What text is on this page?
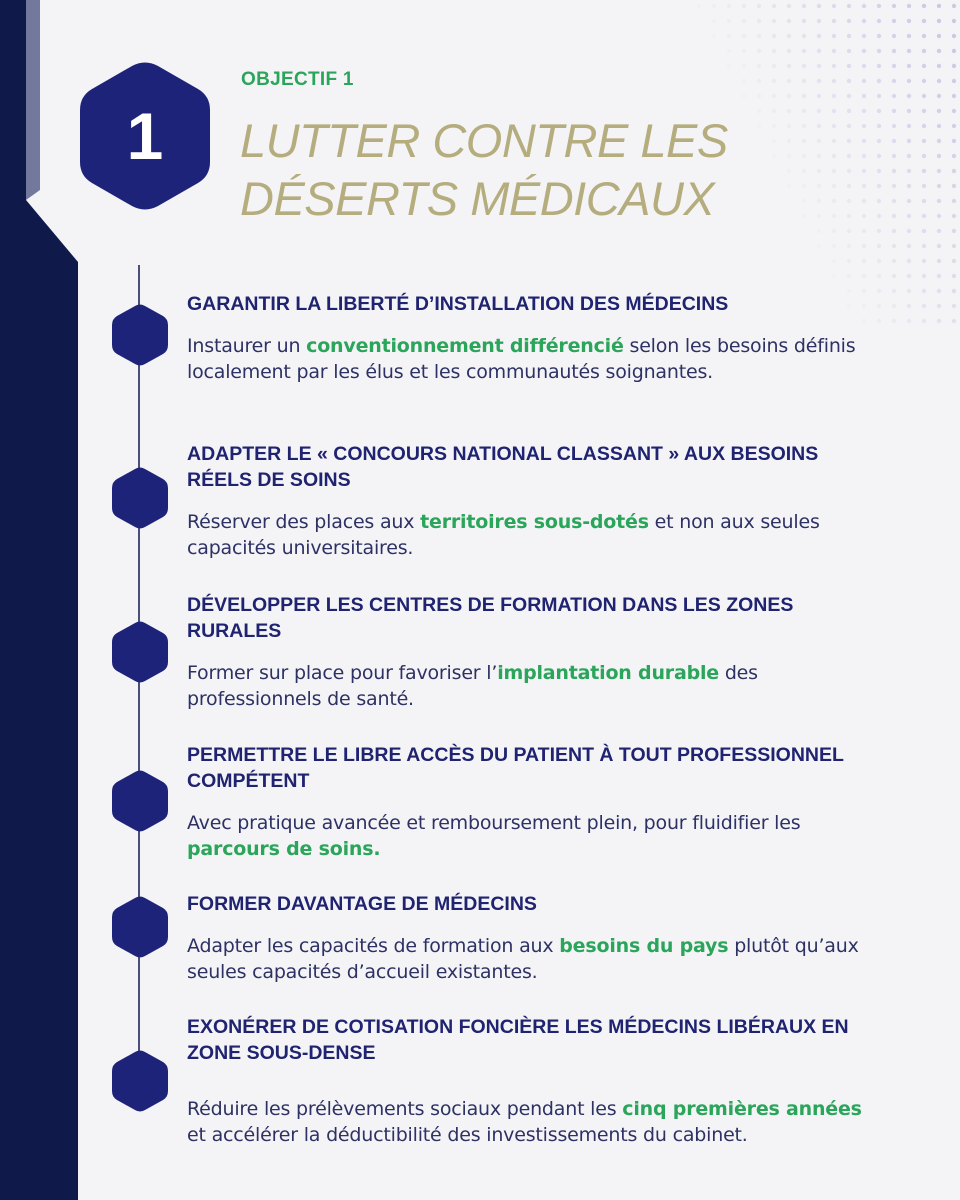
1
OBJECTIF 1
LUTTER CONTRE LES
DÉSERTS MÉDICAUX
GARANTIR LA LIBERTÉ D’INSTALLATION DES MÉDECINS
Instaurer un conventionnement différencié selon les besoins définis localement par les élus et les communautés soignantes.
ADAPTER LE « CONCOURS NATIONAL CLASSANT » AUX BESOINS RÉELS DE SOINS
Réserver des places aux territoires sous-dotés et non aux seules capacités universitaires.
DÉVELOPPER LES CENTRES DE FORMATION DANS LES ZONES RURALES
Former sur place pour favoriser l’implantation durable des professionnels de santé.
PERMETTRE LE LIBRE ACCÈS DU PATIENT À TOUT PROFESSIONNEL COMPÉTENT
Avec pratique avancée et remboursement plein, pour fluidifier les parcours de soins.
FORMER DAVANTAGE DE MÉDECINS
Adapter les capacités de formation aux besoins du pays plutôt qu’aux seules capacités d’accueil existantes.
EXONÉRER DE COTISATION FONCIÈRE LES MÉDECINS LIBÉRAUX EN ZONE SOUS-DENSE
Réduire les prélèvements sociaux pendant les cinq premières années et accélérer la déductibilité des investissements du cabinet.
